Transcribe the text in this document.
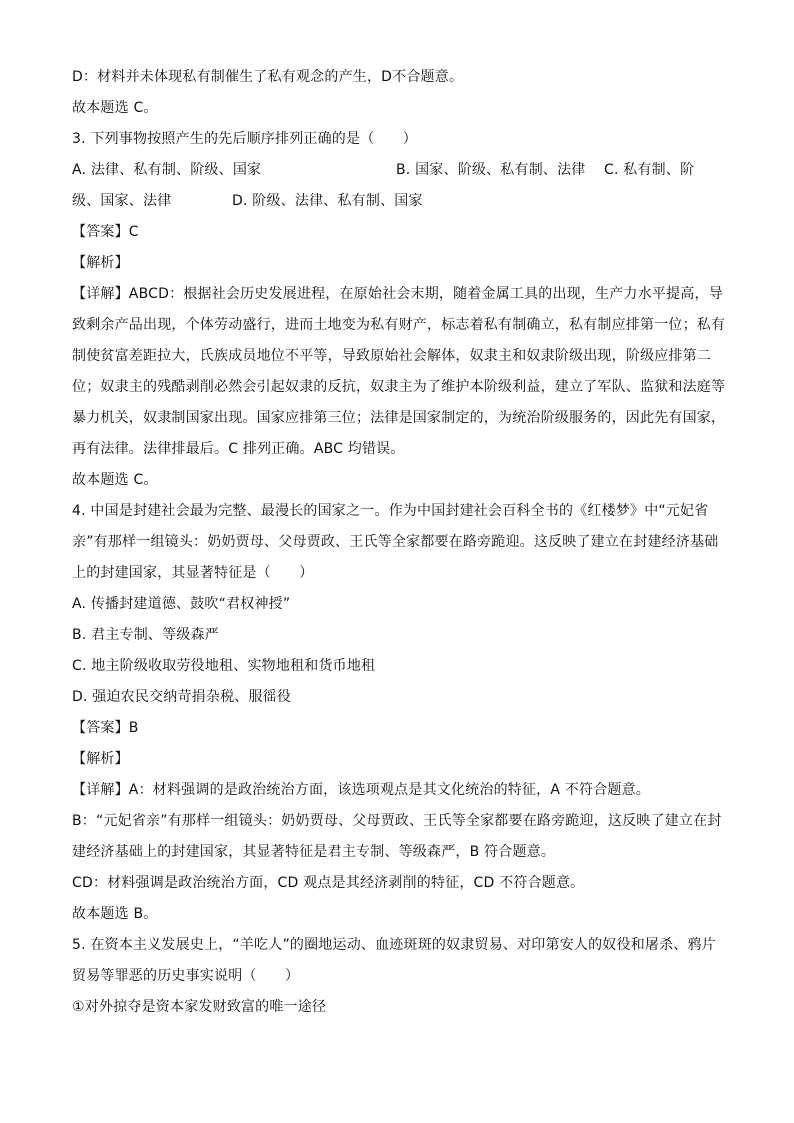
D：材料并未体现私有制催生了私有观念的产生，D不合题意。
故本题选 C。
3. 下列事物按照产生的先后顺序排列正确的是（　　）
A. 法律、私有制、阶级、国家	B. 国家、阶级、私有制、法律 C. 私有制、阶
级、国家、法律	D. 阶级、法律、私有制、国家
【答案】C
【解析】
【详解】ABCD：根据社会历史发展进程，在原始社会末期，随着金属工具的出现，生产力水平提高，导
致剩余产品出现，个体劳动盛行，进而土地变为私有财产，标志着私有制确立，私有制应排第一位；私有
制使贫富差距拉大，氏族成员地位不平等，导致原始社会解体，奴隶主和奴隶阶级出现，阶级应排第二
位；奴隶主的残酷剥削必然会引起奴隶的反抗，奴隶主为了维护本阶级利益，建立了军队、监狱和法庭等
暴力机关，奴隶制国家出现。国家应排第三位；法律是国家制定的，为统治阶级服务的，因此先有国家，
再有法律。法律排最后。C 排列正确。ABC 均错误。
故本题选 C。
4. 中国是封建社会最为完整、最漫长的国家之一。作为中国封建社会百科全书的《红楼梦》中“元妃省
亲”有那样一组镜头：奶奶贾母、父母贾政、王氏等全家都要在路旁跪迎。这反映了建立在封建经济基础
上的封建国家，其显著特征是（　　）
A. 传播封建道德、鼓吹“君权神授”
B. 君主专制、等级森严
C. 地主阶级收取劳役地租、实物地租和货币地租
D. 强迫农民交纳苛捐杂税、服徭役
【答案】B
【解析】
【详解】A：材料强调的是政治统治方面，该选项观点是其文化统治的特征，A 不符合题意。
B：“元妃省亲”有那样一组镜头：奶奶贾母、父母贾政、王氏等全家都要在路旁跪迎，这反映了建立在封
建经济基础上的封建国家，其显著特征是君主专制、等级森严，B 符合题意。
CD：材料强调是政治统治方面，CD 观点是其经济剥削的特征，CD 不符合题意。
故本题选 B。
5. 在资本主义发展史上，“羊吃人”的圈地运动、血迹斑斑的奴隶贸易、对印第安人的奴役和屠杀、鸦片
贸易等罪恶的历史事实说明（　　）
①对外掠夺是资本家发财致富的唯一途径
